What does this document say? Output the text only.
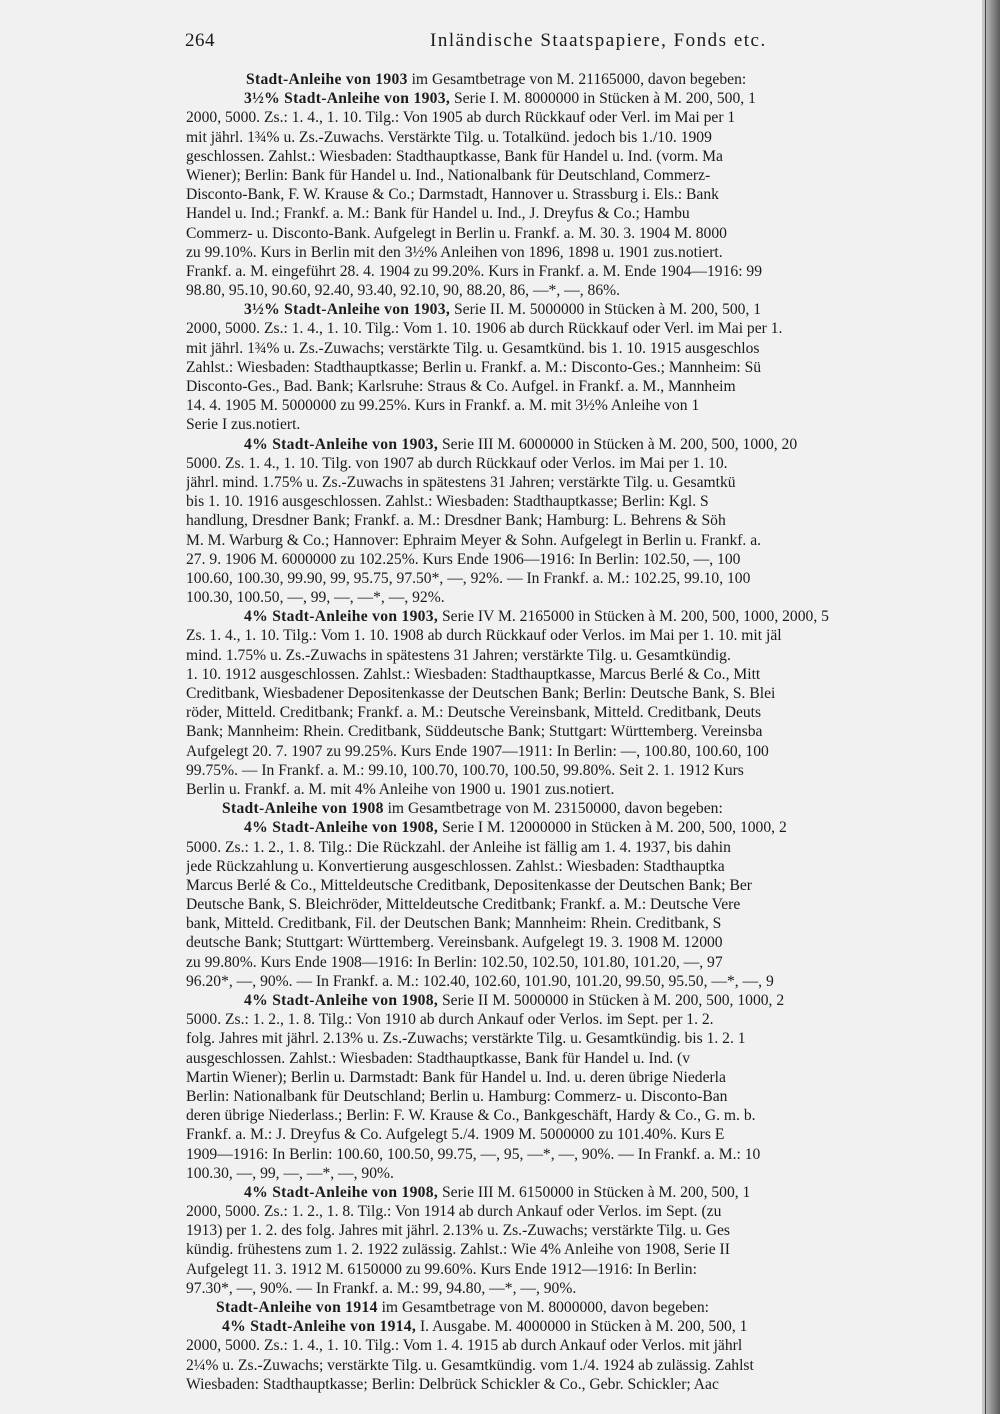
264	Inländische Staatspapiere, Fonds etc.
Stadt-Anleihe von 1903 im Gesamtbetrage von M. 21165000, davon begeben:
3½% Stadt-Anleihe von 1903, Serie I. M. 8000000 in Stücken à M. 200, 500, 1
2000, 5000. Zs.: 1. 4., 1. 10. Tilg.: Von 1905 ab durch Rückkauf oder Verl. im Mai per 1
mit jährl. 1¾% u. Zs.-Zuwachs. Verstärkte Tilg. u. Totalkünd. jedoch bis 1./10. 1909
geschlossen. Zahlst.: Wiesbaden: Stadthauptkasse, Bank für Handel u. Ind. (vorm. Ma
Wiener); Berlin: Bank für Handel u. Ind., Nationalbank für Deutschland, Commerz-
Disconto-Bank, F. W. Krause & Co.; Darmstadt, Hannover u. Strassburg i. Els.: Bank
Handel u. Ind.; Frankf. a. M.: Bank für Handel u. Ind., J. Dreyfus & Co.; Hambu
Commerz- u. Disconto-Bank. Aufgelegt in Berlin u. Frankf. a. M. 30. 3. 1904 M. 8000
zu 99.10%. Kurs in Berlin mit den 3½% Anleihen von 1896, 1898 u. 1901 zus.notiert.
Frankf. a. M. eingeführt 28. 4. 1904 zu 99.20%. Kurs in Frankf. a. M. Ende 1904—1916: 99
98.80, 95.10, 90.60, 92.40, 93.40, 92.10, 90, 88.20, 86, —*, —, 86%.
3½% Stadt-Anleihe von 1903, Serie II. M. 5000000 in Stücken à M. 200, 500, 1
2000, 5000. Zs.: 1. 4., 1. 10. Tilg.: Vom 1. 10. 1906 ab durch Rückkauf oder Verl. im Mai per 1.
mit jährl. 1¾% u. Zs.-Zuwachs; verstärkte Tilg. u. Gesamtkünd. bis 1. 10. 1915 ausgeschlos
Zahlst.: Wiesbaden: Stadthauptkasse; Berlin u. Frankf. a. M.: Disconto-Ges.; Mannheim: Sü
Disconto-Ges., Bad. Bank; Karlsruhe: Straus & Co. Aufgel. in Frankf. a. M., Mannheim
14. 4. 1905 M. 5000000 zu 99.25%. Kurs in Frankf. a. M. mit 3½% Anleihe von 1
Serie I zus.notiert.
4% Stadt-Anleihe von 1903, Serie III M. 6000000 in Stücken à M. 200, 500, 1000, 20
5000. Zs. 1. 4., 1. 10. Tilg. von 1907 ab durch Rückkauf oder Verlos. im Mai per 1. 10.
jährl. mind. 1.75% u. Zs.-Zuwachs in spätestens 31 Jahren; verstärkte Tilg. u. Gesamtkü
bis 1. 10. 1916 ausgeschlossen. Zahlst.: Wiesbaden: Stadthauptkasse; Berlin: Kgl. S
handlung, Dresdner Bank; Frankf. a. M.: Dresdner Bank; Hamburg: L. Behrens & Söh
M. M. Warburg & Co.; Hannover: Ephraim Meyer & Sohn. Aufgelegt in Berlin u. Frankf. a.
27. 9. 1906 M. 6000000 zu 102.25%. Kurs Ende 1906—1916: In Berlin: 102.50, —, 100
100.60, 100.30, 99.90, 99, 95.75, 97.50*, —, 92%. — In Frankf. a. M.: 102.25, 99.10, 100
100.30, 100.50, —, 99, —, —*, —, 92%.
4% Stadt-Anleihe von 1903, Serie IV M. 2165000 in Stücken à M. 200, 500, 1000, 2000, 5
Zs. 1. 4., 1. 10. Tilg.: Vom 1. 10. 1908 ab durch Rückkauf oder Verlos. im Mai per 1. 10. mit jäl
mind. 1.75% u. Zs.-Zuwachs in spätestens 31 Jahren; verstärkte Tilg. u. Gesamtkündig.
1. 10. 1912 ausgeschlossen. Zahlst.: Wiesbaden: Stadthauptkasse, Marcus Berlé & Co., Mitt
Creditbank, Wiesbadener Depositenkasse der Deutschen Bank; Berlin: Deutsche Bank, S. Blei
röder, Mitteld. Creditbank; Frankf. a. M.: Deutsche Vereinsbank, Mitteld. Creditbank, Deuts
Bank; Mannheim: Rhein. Creditbank, Süddeutsche Bank; Stuttgart: Württemberg. Vereinsba
Aufgelegt 20. 7. 1907 zu 99.25%. Kurs Ende 1907—1911: In Berlin: —, 100.80, 100.60, 100
99.75%. — In Frankf. a. M.: 99.10, 100.70, 100.70, 100.50, 99.80%. Seit 2. 1. 1912 Kurs
Berlin u. Frankf. a. M. mit 4% Anleihe von 1900 u. 1901 zus.notiert.
Stadt-Anleihe von 1908 im Gesamtbetrage von M. 23150000, davon begeben:
4% Stadt-Anleihe von 1908, Serie I M. 12000000 in Stücken à M. 200, 500, 1000, 2
5000. Zs.: 1. 2., 1. 8. Tilg.: Die Rückzahl. der Anleihe ist fällig am 1. 4. 1937, bis dahin
jede Rückzahlung u. Konvertierung ausgeschlossen. Zahlst.: Wiesbaden: Stadthauptka
Marcus Berlé & Co., Mitteldeutsche Creditbank, Depositenkasse der Deutschen Bank; Ber
Deutsche Bank, S. Bleichröder, Mitteldeutsche Creditbank; Frankf. a. M.: Deutsche Vere
bank, Mitteld. Creditbank, Fil. der Deutschen Bank; Mannheim: Rhein. Creditbank, S
deutsche Bank; Stuttgart: Württemberg. Vereinsbank. Aufgelegt 19. 3. 1908 M. 12000
zu 99.80%. Kurs Ende 1908—1916: In Berlin: 102.50, 102.50, 101.80, 101.20, —, 97
96.20*, —, 90%. — In Frankf. a. M.: 102.40, 102.60, 101.90, 101.20, 99.50, 95.50, —*, —, 9
4% Stadt-Anleihe von 1908, Serie II M. 5000000 in Stücken à M. 200, 500, 1000, 2
5000. Zs.: 1. 2., 1. 8. Tilg.: Von 1910 ab durch Ankauf oder Verlos. im Sept. per 1. 2.
folg. Jahres mit jährl. 2.13% u. Zs.-Zuwachs; verstärkte Tilg. u. Gesamtkündig. bis 1. 2. 1
ausgeschlossen. Zahlst.: Wiesbaden: Stadthauptkasse, Bank für Handel u. Ind. (v
Martin Wiener); Berlin u. Darmstadt: Bank für Handel u. Ind. u. deren übrige Niederla
Berlin: Nationalbank für Deutschland; Berlin u. Hamburg: Commerz- u. Disconto-Ban
deren übrige Niederlass.; Berlin: F. W. Krause & Co., Bankgeschäft, Hardy & Co., G. m. b.
Frankf. a. M.: J. Dreyfus & Co. Aufgelegt 5./4. 1909 M. 5000000 zu 101.40%. Kurs E
1909—1916: In Berlin: 100.60, 100.50, 99.75, —, 95, —*, —, 90%. — In Frankf. a. M.: 10
100.30, —, 99, —, —*, —, 90%.
4% Stadt-Anleihe von 1908, Serie III M. 6150000 in Stücken à M. 200, 500, 1
2000, 5000. Zs.: 1. 2., 1. 8. Tilg.: Von 1914 ab durch Ankauf oder Verlos. im Sept. (zu
1913) per 1. 2. des folg. Jahres mit jährl. 2.13% u. Zs.-Zuwachs; verstärkte Tilg. u. Ges
kündig. frühestens zum 1. 2. 1922 zulässig. Zahlst.: Wie 4% Anleihe von 1908, Serie II
Aufgelegt 11. 3. 1912 M. 6150000 zu 99.60%. Kurs Ende 1912—1916: In Berlin:
97.30*, —, 90%. — In Frankf. a. M.: 99, 94.80, —*, —, 90%.
Stadt-Anleihe von 1914 im Gesamtbetrage von M. 8000000, davon begeben:
4% Stadt-Anleihe von 1914, I. Ausgabe. M. 4000000 in Stücken à M. 200, 500, 1
2000, 5000. Zs.: 1. 4., 1. 10. Tilg.: Vom 1. 4. 1915 ab durch Ankauf oder Verlos. mit jährl
2¼% u. Zs.-Zuwachs; verstärkte Tilg. u. Gesamtkündig. vom 1./4. 1924 ab zulässig. Zahlst
Wiesbaden: Stadthauptkasse; Berlin: Delbrück Schickler & Co., Gebr. Schickler; Aac
